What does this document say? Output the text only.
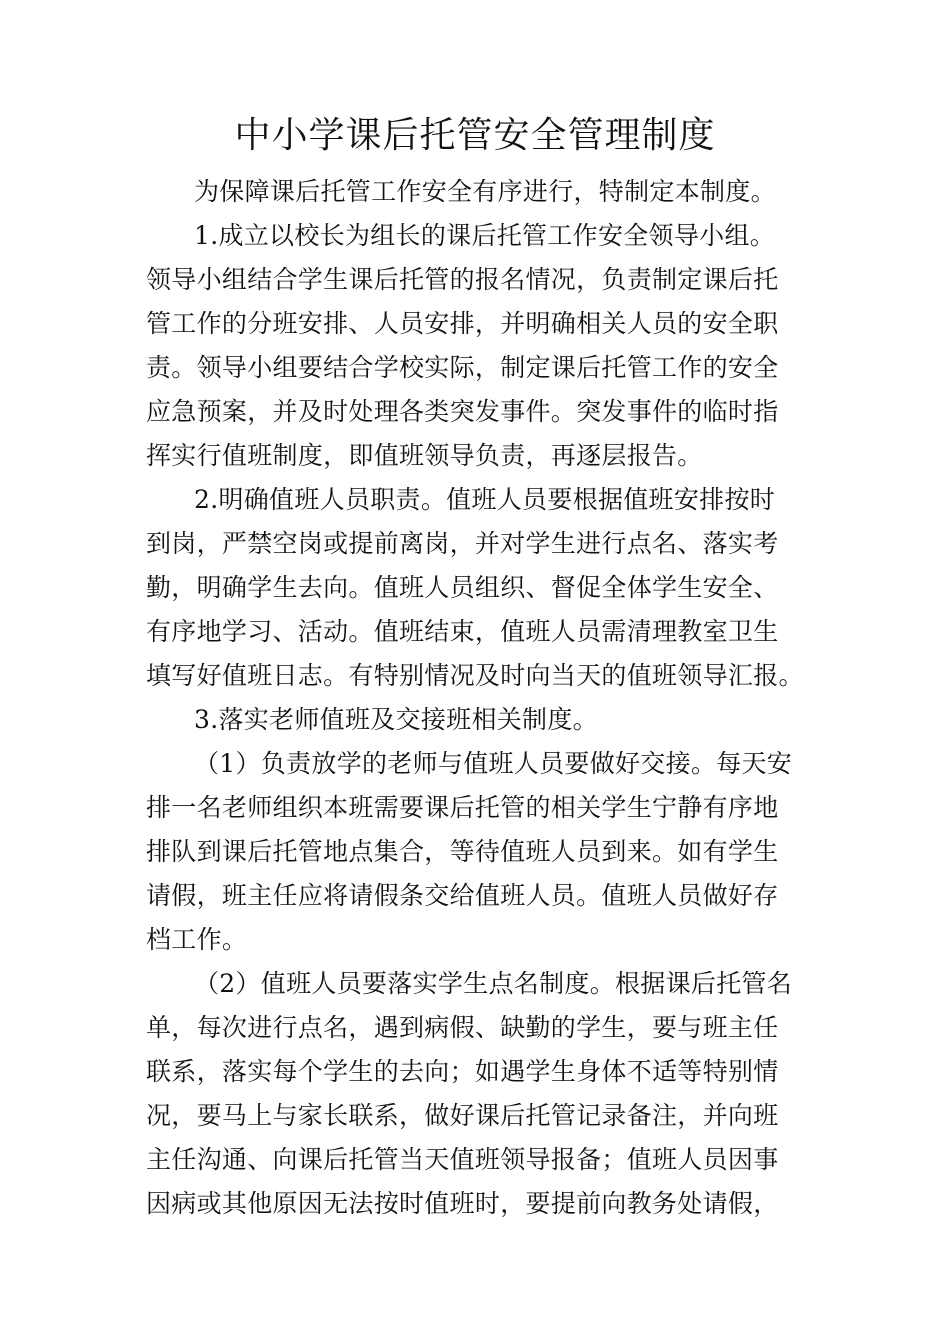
中小学课后托管安全管理制度

为保障课后托管工作安全有序进行，特制定本制度。

1.成立以校长为组长的课后托管工作安全领导小组。

领导小组结合学生课后托管的报名情况，负责制定课后托

管工作的分班安排、人员安排，并明确相关人员的安全职

责。领导小组要结合学校实际，制定课后托管工作的安全

应急预案，并及时处理各类突发事件。突发事件的临时指

挥实行值班制度，即值班领导负责，再逐层报告。

2.明确值班人员职责。值班人员要根据值班安排按时

到岗，严禁空岗或提前离岗，并对学生进行点名、落实考

勤，明确学生去向。值班人员组织、督促全体学生安全、

有序地学习、活动。值班结束，值班人员需清理教室卫生

填写好值班日志。有特别情况及时向当天的值班领导汇报。

3.落实老师值班及交接班相关制度。

（1）负责放学的老师与值班人员要做好交接。每天安

排一名老师组织本班需要课后托管的相关学生宁静有序地

排队到课后托管地点集合，等待值班人员到来。如有学生

请假，班主任应将请假条交给值班人员。值班人员做好存

档工作。

（2）值班人员要落实学生点名制度。根据课后托管名

单，每次进行点名，遇到病假、缺勤的学生，要与班主任

联系，落实每个学生的去向；如遇学生身体不适等特别情

况，要马上与家长联系，做好课后托管记录备注，并向班

主任沟通、向课后托管当天值班领导报备；值班人员因事

因病或其他原因无法按时值班时，要提前向教务处请假，
